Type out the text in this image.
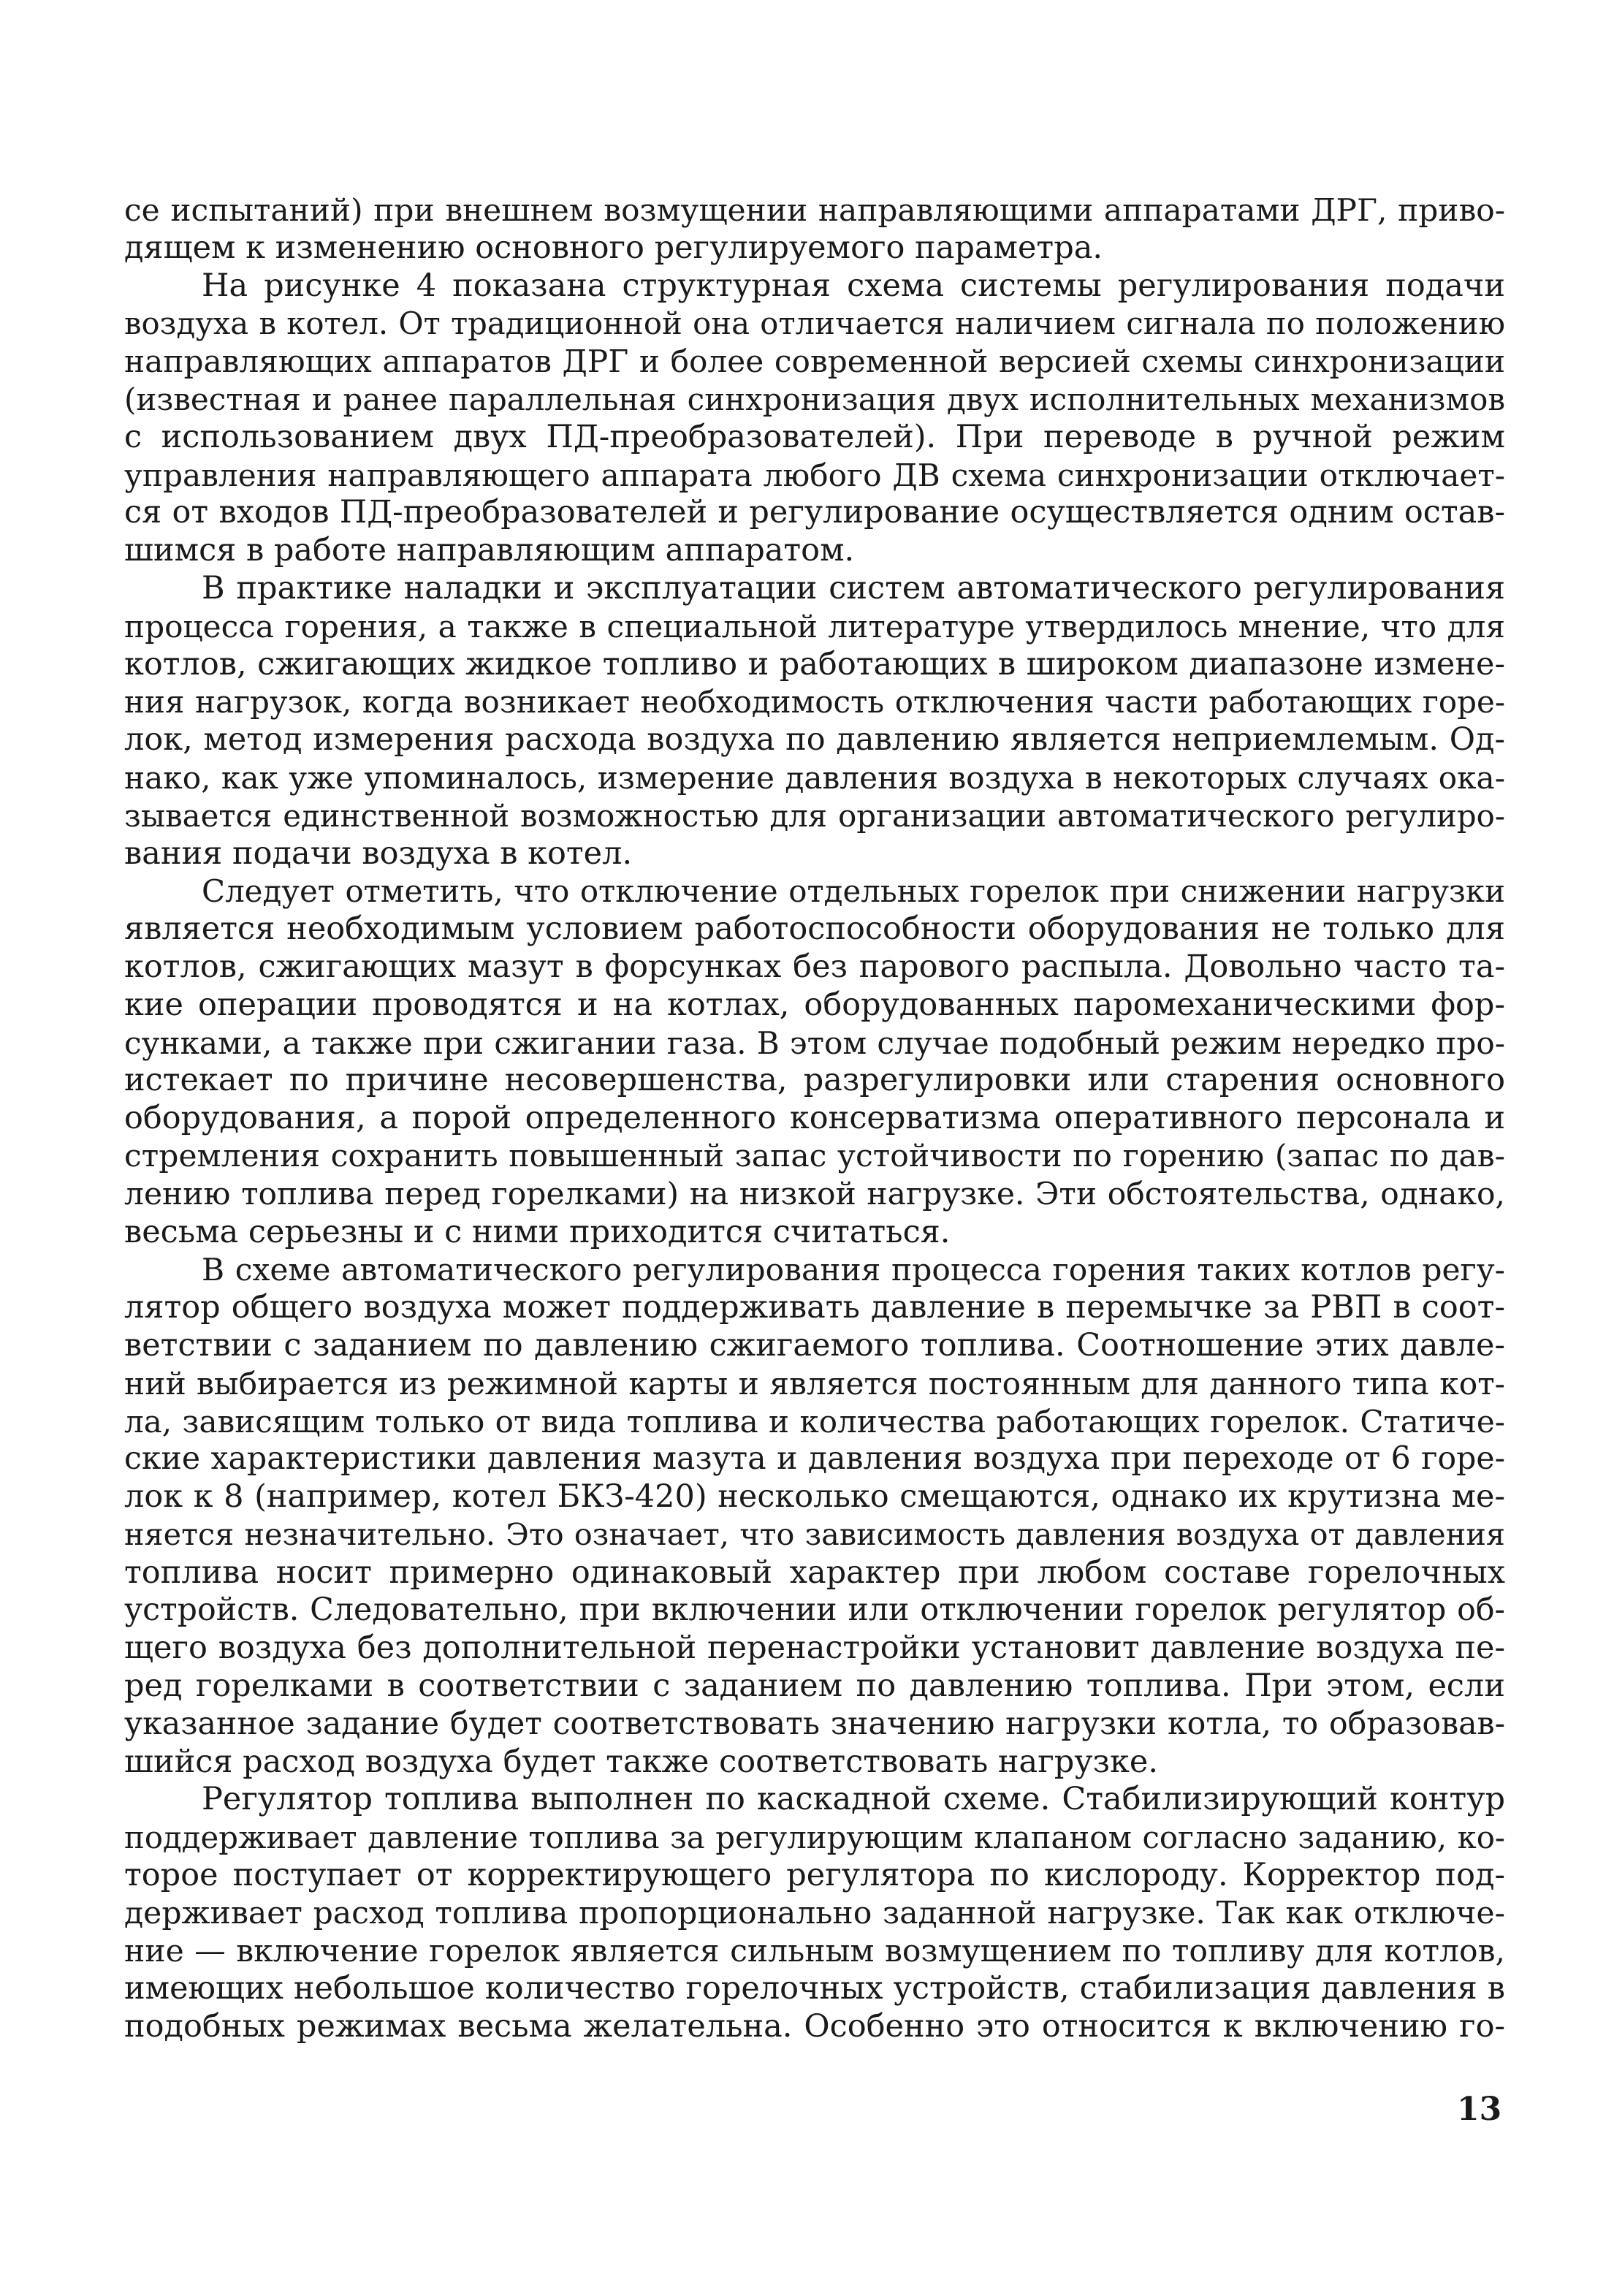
се испытаний) при внешнем возмущении направляющими аппаратами ДРГ, приво-
дящем к изменению основного регулируемого параметра.
На рисунке 4 показана структурная схема системы регулирования подачи
воздуха в котел. От традиционной она отличается наличием сигнала по положению
направляющих аппаратов ДРГ и более современной версией схемы синхронизации
(известная и ранее параллельная синхронизация двух исполнительных механизмов
с использованием двух ПД-преобразователей). При переводе в ручной режим
управления направляющего аппарата любого ДВ схема синхронизации отключает-
ся от входов ПД-преобразователей и регулирование осуществляется одним остав-
шимся в работе направляющим аппаратом.
В практике наладки и эксплуатации систем автоматического регулирования
процесса горения, а также в специальной литературе утвердилось мнение, что для
котлов, сжигающих жидкое топливо и работающих в широком диапазоне измене-
ния нагрузок, когда возникает необходимость отключения части работающих горе-
лок, метод измерения расхода воздуха по давлению является неприемлемым. Од-
нако, как уже упоминалось, измерение давления воздуха в некоторых случаях ока-
зывается единственной возможностью для организации автоматического регулиро-
вания подачи воздуха в котел.
Следует отметить, что отключение отдельных горелок при снижении нагрузки
является необходимым условием работоспособности оборудования не только для
котлов, сжигающих мазут в форсунках без парового распыла. Довольно часто та-
кие операции проводятся и на котлах, оборудованных паромеханическими фор-
сунками, а также при сжигании газа. В этом случае подобный режим нередко про-
истекает по причине несовершенства, разрегулировки или старения основного
оборудования, а порой определенного консерватизма оперативного персонала и
стремления сохранить повышенный запас устойчивости по горению (запас по дав-
лению топлива перед горелками) на низкой нагрузке. Эти обстоятельства, однако,
весьма серьезны и с ними приходится считаться.
В схеме автоматического регулирования процесса горения таких котлов регу-
лятор общего воздуха может поддерживать давление в перемычке за РВП в соот-
ветствии с заданием по давлению сжигаемого топлива. Соотношение этих давле-
ний выбирается из режимной карты и является постоянным для данного типа кот-
ла, зависящим только от вида топлива и количества работающих горелок. Статиче-
ские характеристики давления мазута и давления воздуха при переходе от 6 горе-
лок к 8 (например, котел БКЗ-420) несколько смещаются, однако их крутизна ме-
няется незначительно. Это означает, что зависимость давления воздуха от давления
топлива носит примерно одинаковый характер при любом составе горелочных
устройств. Следовательно, при включении или отключении горелок регулятор об-
щего воздуха без дополнительной перенастройки установит давление воздуха пе-
ред горелками в соответствии с заданием по давлению топлива. При этом, если
указанное задание будет соответствовать значению нагрузки котла, то образовав-
шийся расход воздуха будет также соответствовать нагрузке.
Регулятор топлива выполнен по каскадной схеме. Стабилизирующий контур
поддерживает давление топлива за регулирующим клапаном согласно заданию, ко-
торое поступает от корректирующего регулятора по кислороду. Корректор под-
держивает расход топлива пропорционально заданной нагрузке. Так как отключе-
ние — включение горелок является сильным возмущением по топливу для котлов,
имеющих небольшое количество горелочных устройств, стабилизация давления в
подобных режимах весьма желательна. Особенно это относится к включению го-
13
